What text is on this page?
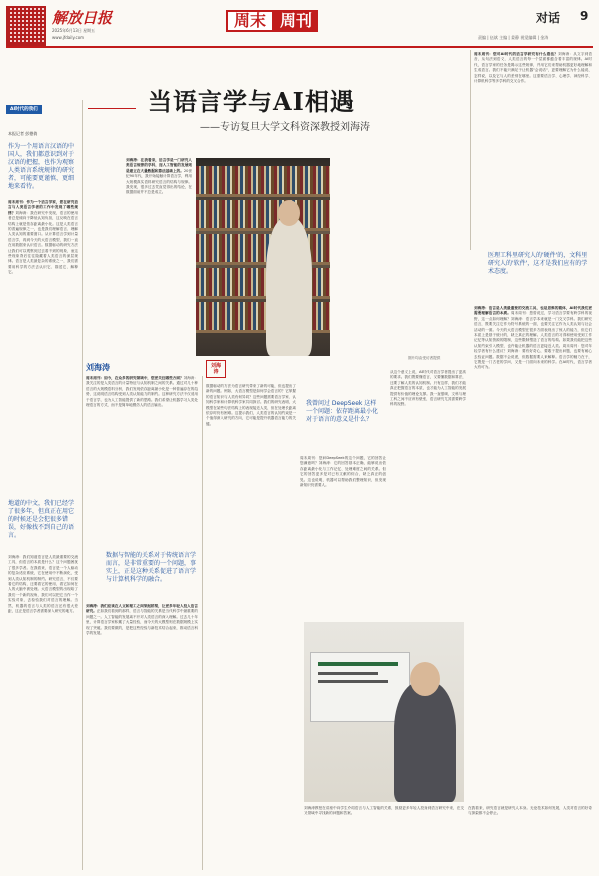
解放日报
2025年6月13日 星期五
www.jfdaily.com
周末 周刊	对话 9
责编 | 伍斌 主编 | 姜静 视觉编辑 | 金涛
AI时代的我们
本报记者 彭德倩
作为一个用语言汉语的中国人，我们都意识到对于汉语的把握，也作为观察人类语言系统规律的研究者，可能要更谨慎、更细地来看待。
周末周刊：作为一个语言学家，您在研究语言与人类语言学者的工作中发现了哪些规律？刘海涛：我在研究中发现，语言的使用者总是倾向于降低认知负担，这反映在语言结构上就是依存距离最小化。这是人类语言的普遍规律之一，也是我们理解语言、理解人类认知的重要窗口。从计算语言学到计量语言学，再到今天的大语言模型，我们一直在用数据来认识语言。数据驱动的研究方法让我们可以观察到过去看不到的现象，而这些现象背后往往隐藏着人类语言的深层规律。语言是人类最复杂的系统之一，我们需要用科学的方法去认识它、描述它、解释它。
地道的中文，我们已经学了很多年，但真正在用它的时候还是会犯很多错误，好像找不到自己的语言。
刘海涛：我们知道语言是人类最重要的交流工具，但语言的本质是什么？这个问题困扰了很多学者。在我看来，语言是一个人驱动的复杂适应系统，它在使用中不断演化，受到人类认知机制的制约。研究语言，不仅要看它的结构，还要看它的使用，看它如何在人的大脑中被处理。大语言模型的出现给了我们一个新的视角，我们可以把它当作一个实验对象，去检验我们对语言的理解。当然，机器的语言与人类的语言还有很大差距，这正是语言学者需要深入研究的地方。
当语言学与AI相遇
——专访复旦大学文科资深教授刘海涛
刘海涛：在我看来，语言学是一门研究人类语言规律的学科，而人工智能的发展则是建立在大量数据和算法基础上的。20世纪90年代，我开始接触计算语言学，利用大规模真实语料研究语言的结构与规律。我发现，很多过去凭直觉得出的结论，在数据面前并不总是成立。
图片均由受访者提供
周末周刊：您对AI时代的语言学研究有什么看法？刘海涛：从文字到语音，从句法到语义，人类语言的每一个层面都蕴含着丰富的规律。AI时代，语言学家的任务是揭示这些规律，并用它们来帮助机器更好地理解和生成语言。我们不能只满足于让机器"会说话"，更要理解它为什么能说、怎样说，以及它与人的差别在哪里。这需要语言学、心理学、神经科学、计算机科学等多学科的交叉合作。
医理工科里研究人的'硬件'的，文科里研究人的'软件'，这才是我们应有的学术态度。
刘海涛：语言是人类最重要的交流工具，也是思维的载体，AI时代我们更需要理解语言的本质。周末周刊：您曾说过，学习语言学要有跨学科的视野，这一点如何理解？刘海涛：语言学本来就是一门交叉学科。我们研究语言，既要关注它作为符号系统的一面，也要关注它作为人类认知与社会活动的一面。今天的大语言模型在很多方面表现出了惊人的能力，但它们本质上是基于统计的，缺乏真正的理解。人类语言的习得和使用受到工作记忆等认知资源的限制，这些限制塑造了语言的结构。如果我们能把这些认知约束引入模型，也许能让机器的语言更接近人类。周末周刊：您对年轻学者有什么建议？刘海涛：要有好奇心，要敢于提出问题，也要有耐心去验证问题。数据不会说谎，但数据需要人来解释。语言学的魅力在于，它既是一门古老的学问，又是一门面向未来的科学。在AI时代，语言学者大有可为。
刘海涛
刘海涛
周末周刊：如今，在众多的研究领域中，您更关注哪些方面？刘海涛：我关注的是人类语言的计量特征与认知机制之间的关系。通过对几十种语言的大规模语料分析，我们发现依存距离最小化是一种普遍存在的趋势，这说明语言结构受到人类认知能力的制约。这种研究方法不仅适用于语言学，也为人工智能提供了新的思路。我们希望让机器学习人类处理语言的方式，而不是简单地模仿人的语言输出。
数据与智能的关系对于传统语言学而言，是非常重要的一个问题，事实上，正是这种关系促进了语言学与计算机科学的融合。
刘海涛：我们应该在人文和理工之间架起桥梁，让更多年轻人投入语言研究。正如我们看到的那样，语言与智能的关系是当代科学中最重要的问题之一。人工智能的发展离不开对人类语言的深入理解。过去几十年里，计算语言学家积累了大量经验，而今天的大模型则在数据规模上实现了突破。我们要做的，是把这些经验与新技术结合起来，推动语言科学的发展。
数据驱动的方法为语言研究带来了新的可能，但也提出了新的问题。例如，大语言模型是如何学会语言的？它掌握的语言知识与人类有何异同？这些问题需要语言学家、认知科学家和计算机科学家共同探讨。我们的研究表明，大模型在某些句法结构上的表现接近人类，但在处理长距离依存时仍有困难。这提示我们，人类语言的认知约束是一个值得深入研究的方向，它可能是提升机器语言能力的关键。
我曾问过 DeepSeek 这样一个问题：依存距离最小化对于语言的意义是什么？
周末周刊：您问DeepSeek的这个问题，它的回答让您满意吗？刘海涛：它的回答基本正确，能够说出依存距离最小化与工作记忆、处理难度之间的关系。但它的回答更多是对已有文献的综合，缺乏真正的创见。这也说明，机器可以帮助我们整理知识，但发现新知识仍需要人。
从这个意义上说，AI时代对语言学者提出了更高的要求。我们既要懂语言，又要懂数据和算法，还要了解人类的认知机制。只有这样，我们才能真正把握语言的本质，也才能为人工智能的发展提供有价值的理论支撑。我一直强调，文科与理工科之间不应该有壁垒，语言研究尤其需要跨学科的视野。
在我看来，研究语言就是研究人本身。无论技术如何发展，人类对语言的好奇与探索都不会停止。
刘海涛教授在讲座中向学生介绍语言与人工智能的关系，鼓励更多年轻人投身到语言研究中来，在交叉领域中寻找新的问题和答案。
